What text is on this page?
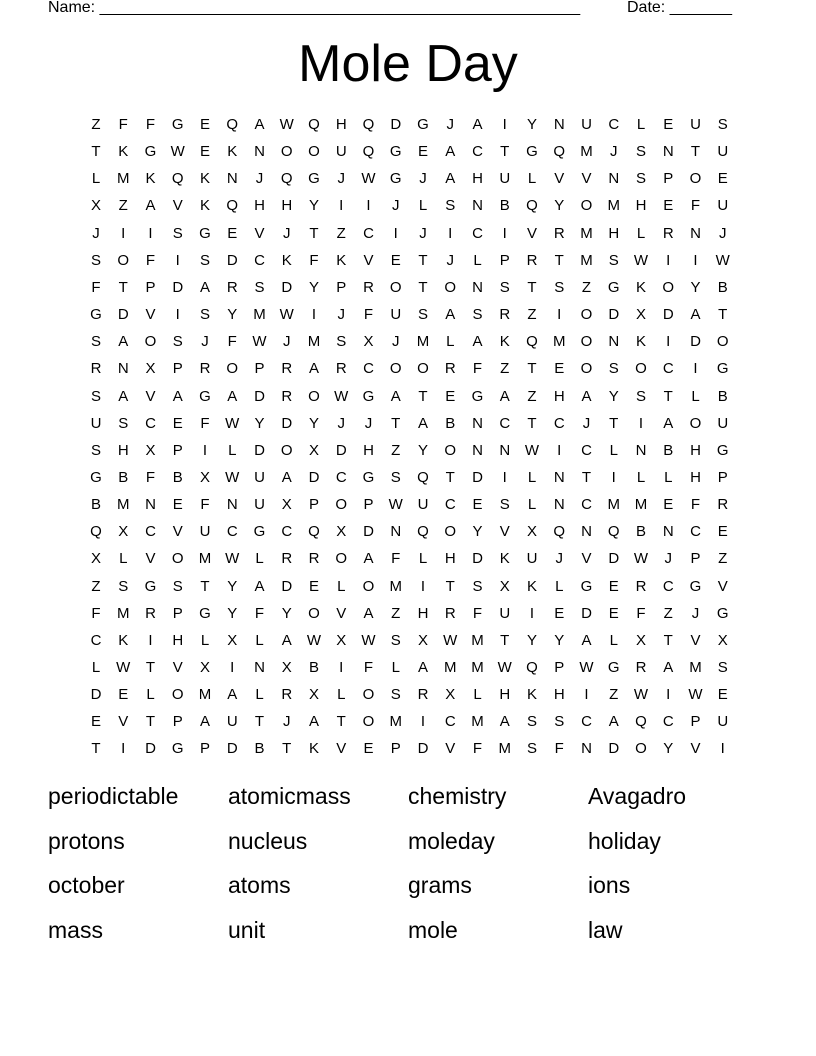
Name: ______________________________________________________	Date: _______
Mole Day
Z	F	F	G	E	Q	A	W Q	H	Q	D	G	J	A	I	Y	N	U	C	L	E	U	S
T	K	G W	E	K	N	O	O	U	Q	G	E	A	C	T	G	Q	M	J	S	N	T	U
L	M	K	Q	K	N	J	Q	G	J	W G	J	A	H	U	L	V	V	N	S	P	O	E
X	Z	A	V	K	Q	H	H	Y	I	I	J	L	S	N	B	Q	Y	O	M	H	E	F	U
J	I	I	S	G	E	V	J	T	Z	C	I	J	I	C	I	V	R	M	H	L	R	N	J
S	O	F	I	S	D	C	K	F	K	V	E	T	J	L	P	R	T	M	S	W	I	I	W
F	T	P	D	A	R	S	D	Y	P	R	O	T	O	N	S	T	S	Z	G	K	O	Y	B
G	D	V	I	S	Y	M W	I	J	F	U	S	A	S	R	Z	I	O	D	X	D	A	T
S	A	O	S	J	F	W	J	M	S	X	J	M	L	A	K	Q	M	O	N	K	I	D	O
R	N	X	P	R	O	P	R	A	R	C	O	O	R	F	Z	T	E	O	S	O	C	I	G
S	A	V	A	G	A	D	R	O W G	A	T	E	G	A	Z	H	A	Y	S	T	L	B
U	S	C	E	F	W	Y	D	Y	J	J	T	A	B	N	C	T	C	J	T	I	A	O	U
S	H	X	P	I	L	D	O	X	D	H	Z	Y	O	N	N W	I	C	L	N	B	H	G
G	B	F	B	X	W U	A	D	C	G	S	Q	T	D	I	L	N	T	I	L	L	H	P
B	M	N	E	F	N	U	X	P	O	P	W U	C	E	S	L	N	C	M M	E	F	R
Q	X	C	V	U	C	G	C	Q	X	D	N	Q	O	Y	V	X	Q	N	Q	B	N	C	E
X	L	V	O	M W	L	R	R	O	A	F	L	H	D	K	U	J	V	D W	J	P	Z
Z	S	G	S	T	Y	A	D	E	L	O	M	I	T	S	X	K	L	G	E	R	C	G	V
F	M	R	P	G	Y	F	Y	O	V	A	Z	H	R	F	U	I	E	D	E	F	Z	J	G
C	K	I	H	L	X	L	A	W	X	W	S	X	W M	T	Y	Y	A	L	X	T	V	X
L	W	T	V	X	I	N	X	B	I	F	L	A	M M W Q	P	W G	R	A	M	S
D	E	L	O	M	A	L	R	X	L	O	S	R	X	L	H	K	H	I	Z	W	I	W	E
E	V	T	P	A	U	T	J	A	T	O	M	I	C	M	A	S	S	C	A	Q	C	P	U
T	I	D	G	P	D	B	T	K	V	E	P	D	V	F	M	S	F	N	D	O	Y	V	I
periodictable	atomicmass	chemistry	Avagadro
protons	nucleus	moleday	holiday
october	atoms	grams	ions
mass	unit	mole	law
